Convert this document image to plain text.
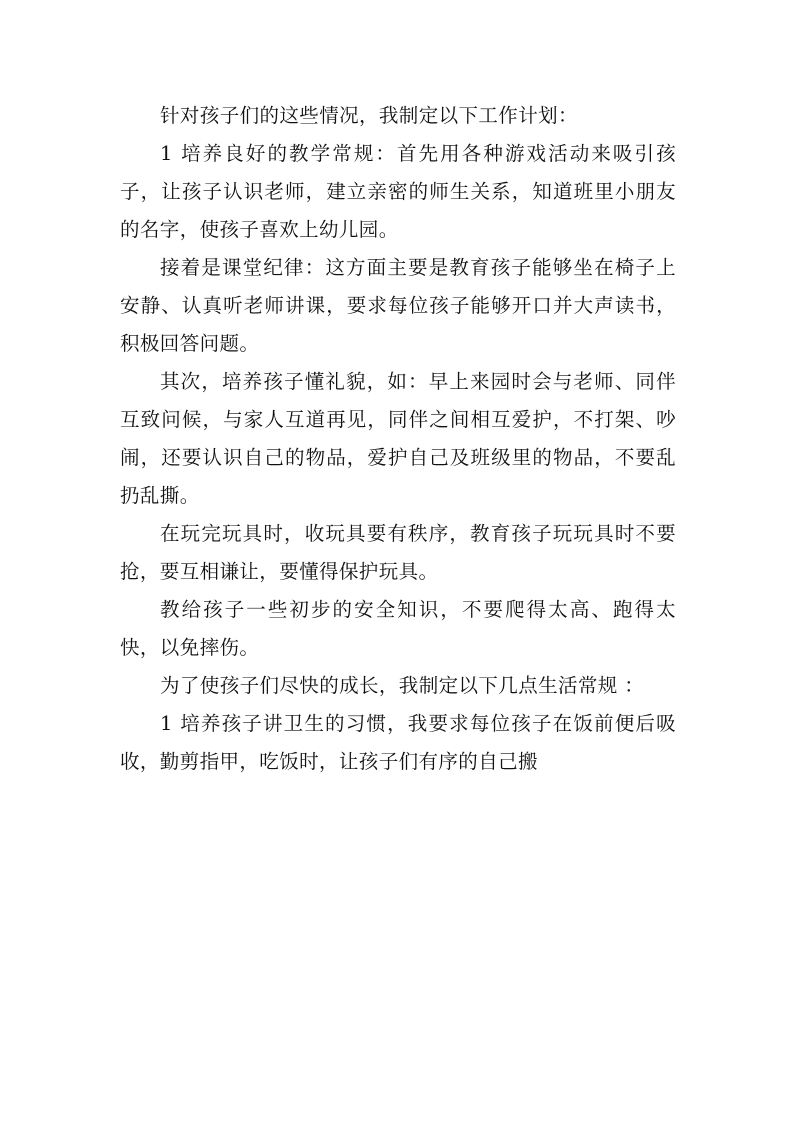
针对孩子们的这些情况，我制定以下工作计划：

1 培养良好的教学常规：首先用各种游戏活动来吸引孩子，让孩子认识老师，建立亲密的师生关系，知道班里小朋友的名字，使孩子喜欢上幼儿园。

接着是课堂纪律：这方面主要是教育孩子能够坐在椅子上安静、认真听老师讲课，要求每位孩子能够开口并大声读书，积极回答问题。

其次，培养孩子懂礼貌，如：早上来园时会与老师、同伴互致问候，与家人互道再见，同伴之间相互爱护，不打架、吵闹，还要认识自己的物品，爱护自己及班级里的物品，不要乱扔乱撕。

在玩完玩具时，收玩具要有秩序，教育孩子玩玩具时不要抢，要互相谦让，要懂得保护玩具。

教给孩子一些初步的安全知识，不要爬得太高、跑得太快，以免摔伤。

为了使孩子们尽快的成长，我制定以下几点生活常规 ：

1 培养孩子讲卫生的习惯，我要求每位孩子在饭前便后吸收，勤剪指甲，吃饭时，让孩子们有序的自己搬
